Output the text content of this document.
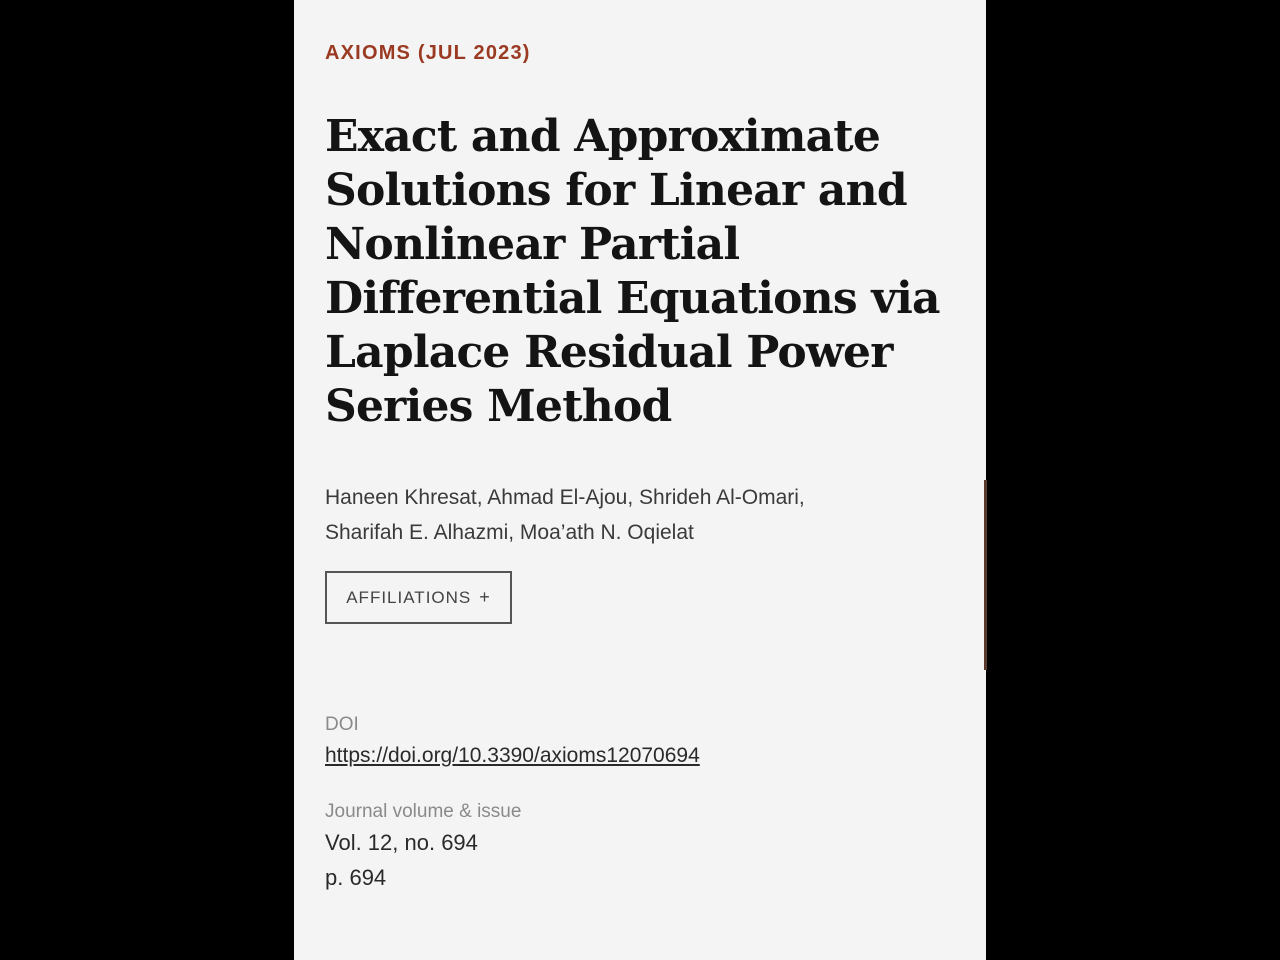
AXIOMS (JUL 2023)
Exact and Approximate Solutions for Linear and Nonlinear Partial Differential Equations via Laplace Residual Power Series Method
Haneen Khresat, Ahmad El-Ajou, Shrideh Al-Omari,
Sharifah E. Alhazmi, Moa’ath N. Oqielat
AFFILIATIONS +
DOI
https://doi.org/10.3390/axioms12070694
Journal volume & issue
Vol. 12, no. 694
p. 694
